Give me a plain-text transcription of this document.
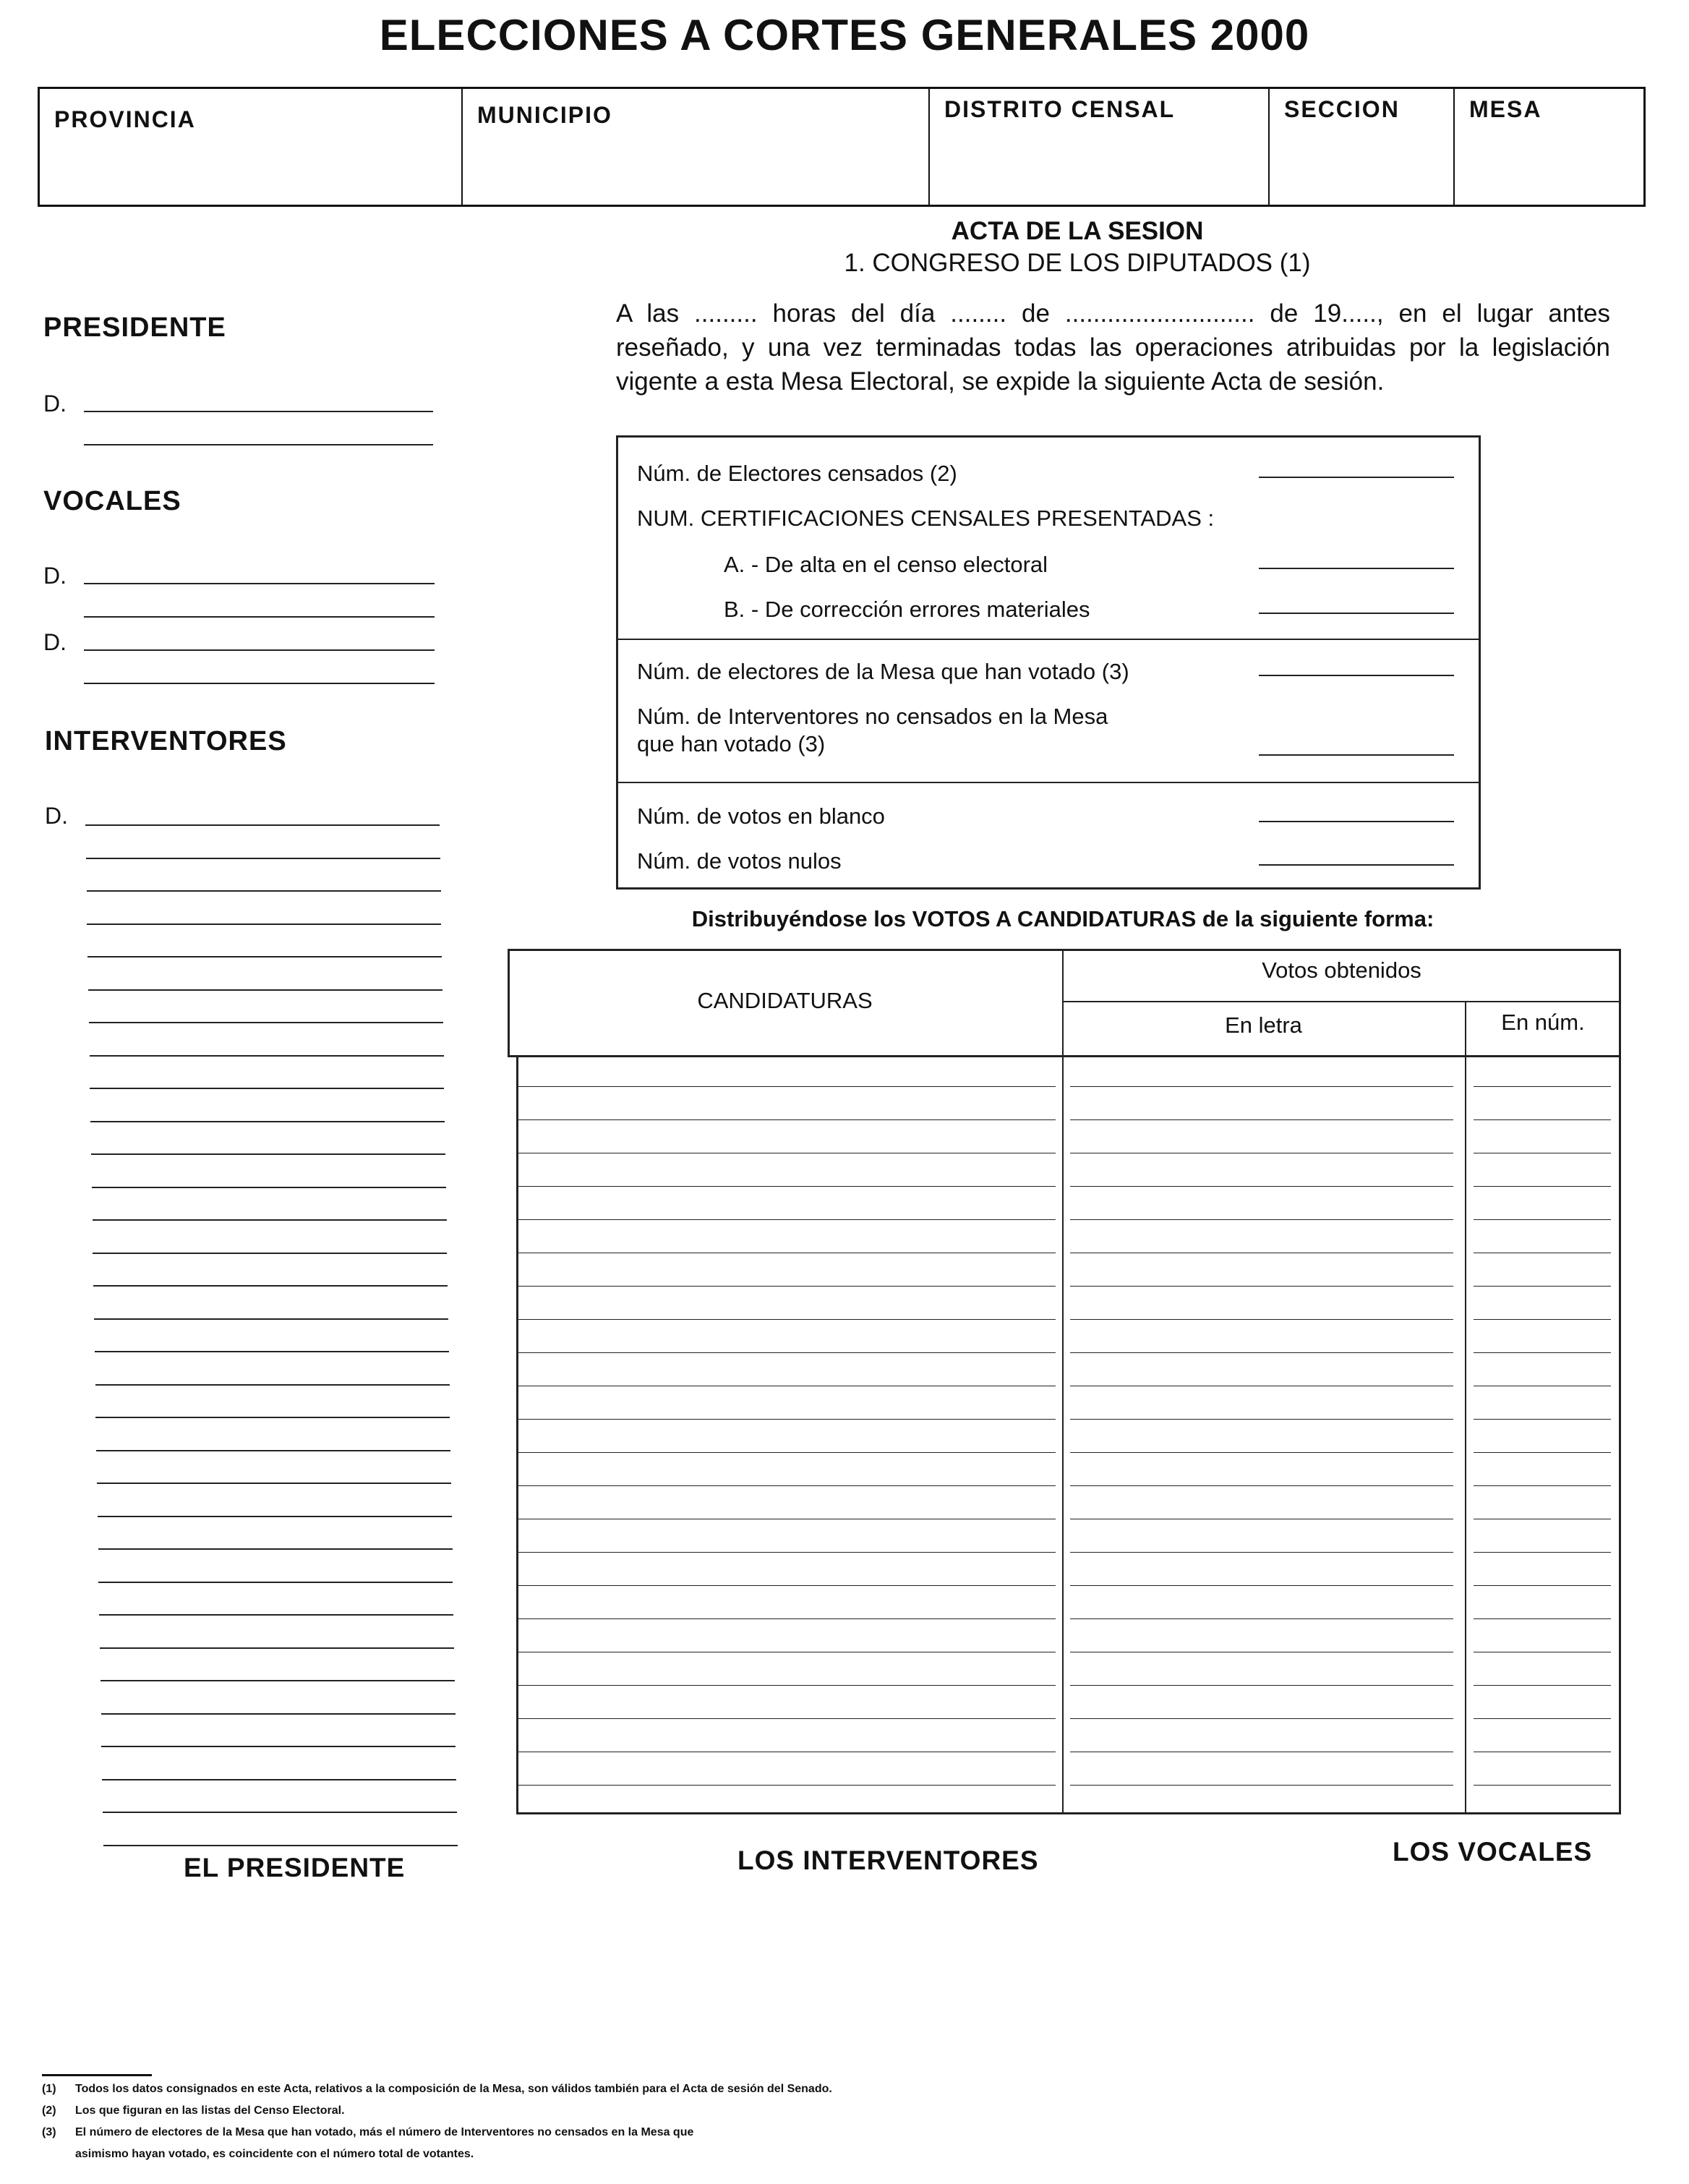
ELECCIONES A CORTES GENERALES 2000
PROVINCIA	MUNICIPIO	DISTRITO CENSAL	SECCION	MESA
ACTA DE LA SESION
1. CONGRESO DE LOS DIPUTADOS (1)
A las ......... horas del día ........ de ........................... de 19....., en el lugar antes reseñado, y una vez terminadas todas las operaciones atribuidas por la legislación vigente a esta Mesa Electoral, se expide la siguiente Acta de sesión.
PRESIDENTE
D.
VOCALES
D.
D.
INTERVENTORES
D.
Núm. de Electores censados (2)
NUM. CERTIFICACIONES CENSALES PRESENTADAS :
A. - De alta en el censo electoral
B. - De corrección errores materiales
Núm. de electores de la Mesa que han votado (3)
Núm. de Interventores no censados en la Mesa
que han votado (3)
Núm. de votos en blanco
Núm. de votos nulos
Distribuyéndose los VOTOS A CANDIDATURAS de la siguiente forma:
CANDIDATURAS
Votos obtenidos
En letra	En núm.
EL PRESIDENTE	LOS INTERVENTORES	LOS VOCALES
(1) Todos los datos consignados en este Acta, relativos a la composición de la Mesa, son válidos también para el Acta de sesión del Senado.
(2) Los que figuran en las listas del Censo Electoral.
(3) El número de electores de la Mesa que han votado, más el número de Interventores no censados en la Mesa que
asimismo hayan votado, es coincidente con el número total de votantes.
